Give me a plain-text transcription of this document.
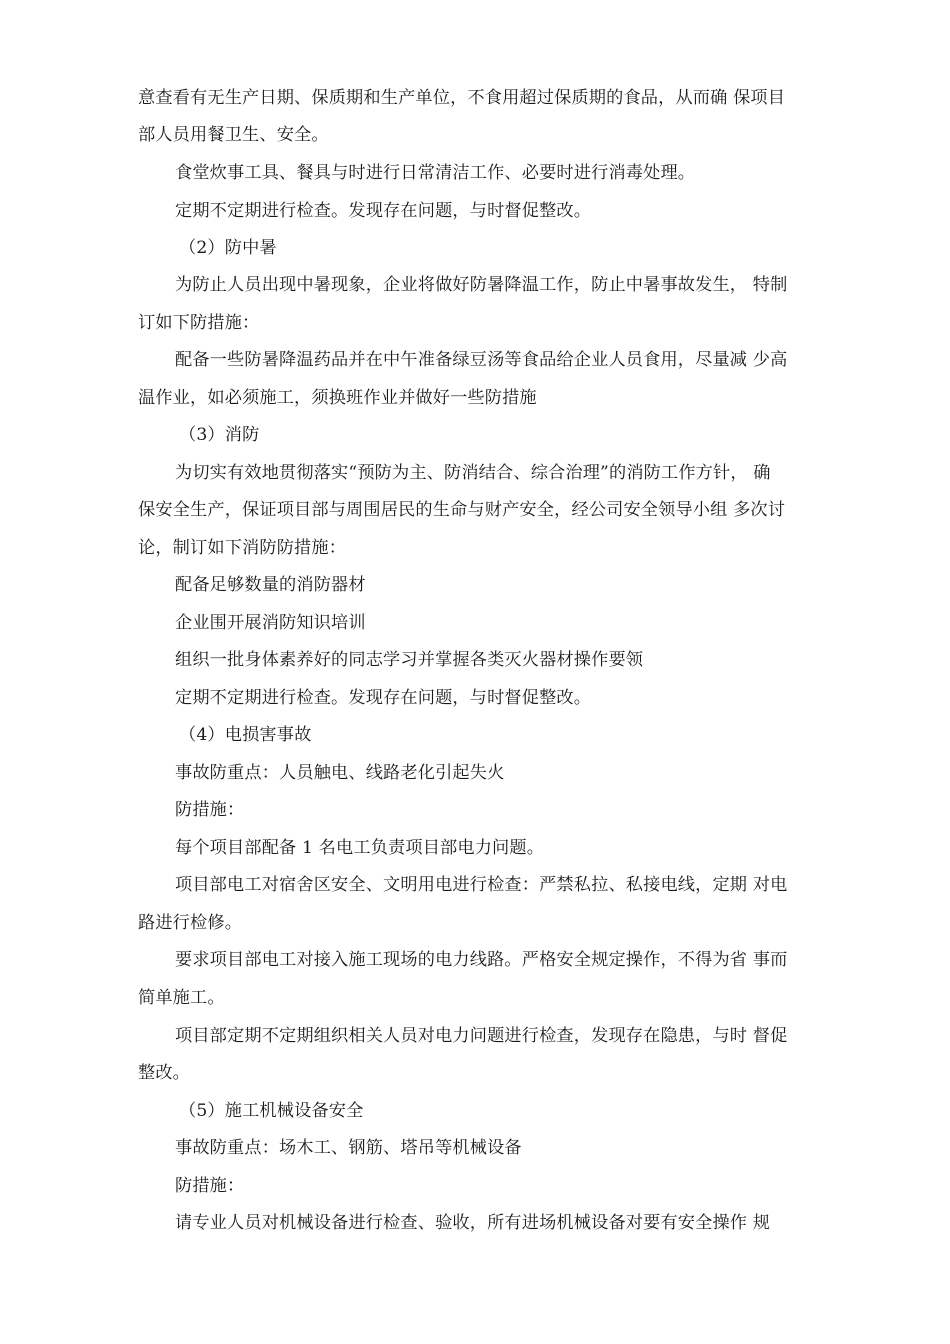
意查看有无生产日期、保质期和生产单位，不食用超过保质期的食品，从而确 保项目
部人员用餐卫生、安全。
食堂炊事工具、餐具与时进行日常清洁工作、必要时进行消毒处理。
定期不定期进行检查。发现存在问题，与时督促整改。
（2）防中暑
为防止人员出现中暑现象，企业将做好防暑降温工作，防止中暑事故发生， 特制
订如下防措施：
配备一些防暑降温药品并在中午准备绿豆汤等食品给企业人员食用，尽量减 少高
温作业，如必须施工，须换班作业并做好一些防措施
（3）消防
为切实有效地贯彻落实“预防为主、防消结合、综合治理”的消防工作方针， 确
保安全生产，保证项目部与周围居民的生命与财产安全，经公司安全领导小组 多次讨
论，制订如下消防防措施：
配备足够数量的消防器材
企业围开展消防知识培训
组织一批身体素养好的同志学习并掌握各类灭火器材操作要领
定期不定期进行检查。发现存在问题，与时督促整改。
（4）电损害事故
事故防重点：人员触电、线路老化引起失火
防措施：
每个项目部配备 1 名电工负责项目部电力问题。
项目部电工对宿舍区安全、文明用电进行检查：严禁私拉、私接电线，定期 对电
路进行检修。
要求项目部电工对接入施工现场的电力线路。严格安全规定操作，不得为省 事而
简单施工。
项目部定期不定期组织相关人员对电力问题进行检查，发现存在隐患，与时 督促
整改。
（5）施工机械设备安全
事故防重点：场木工、钢筋、塔吊等机械设备
防措施：
请专业人员对机械设备进行检查、验收，所有进场机械设备对要有安全操作 规
